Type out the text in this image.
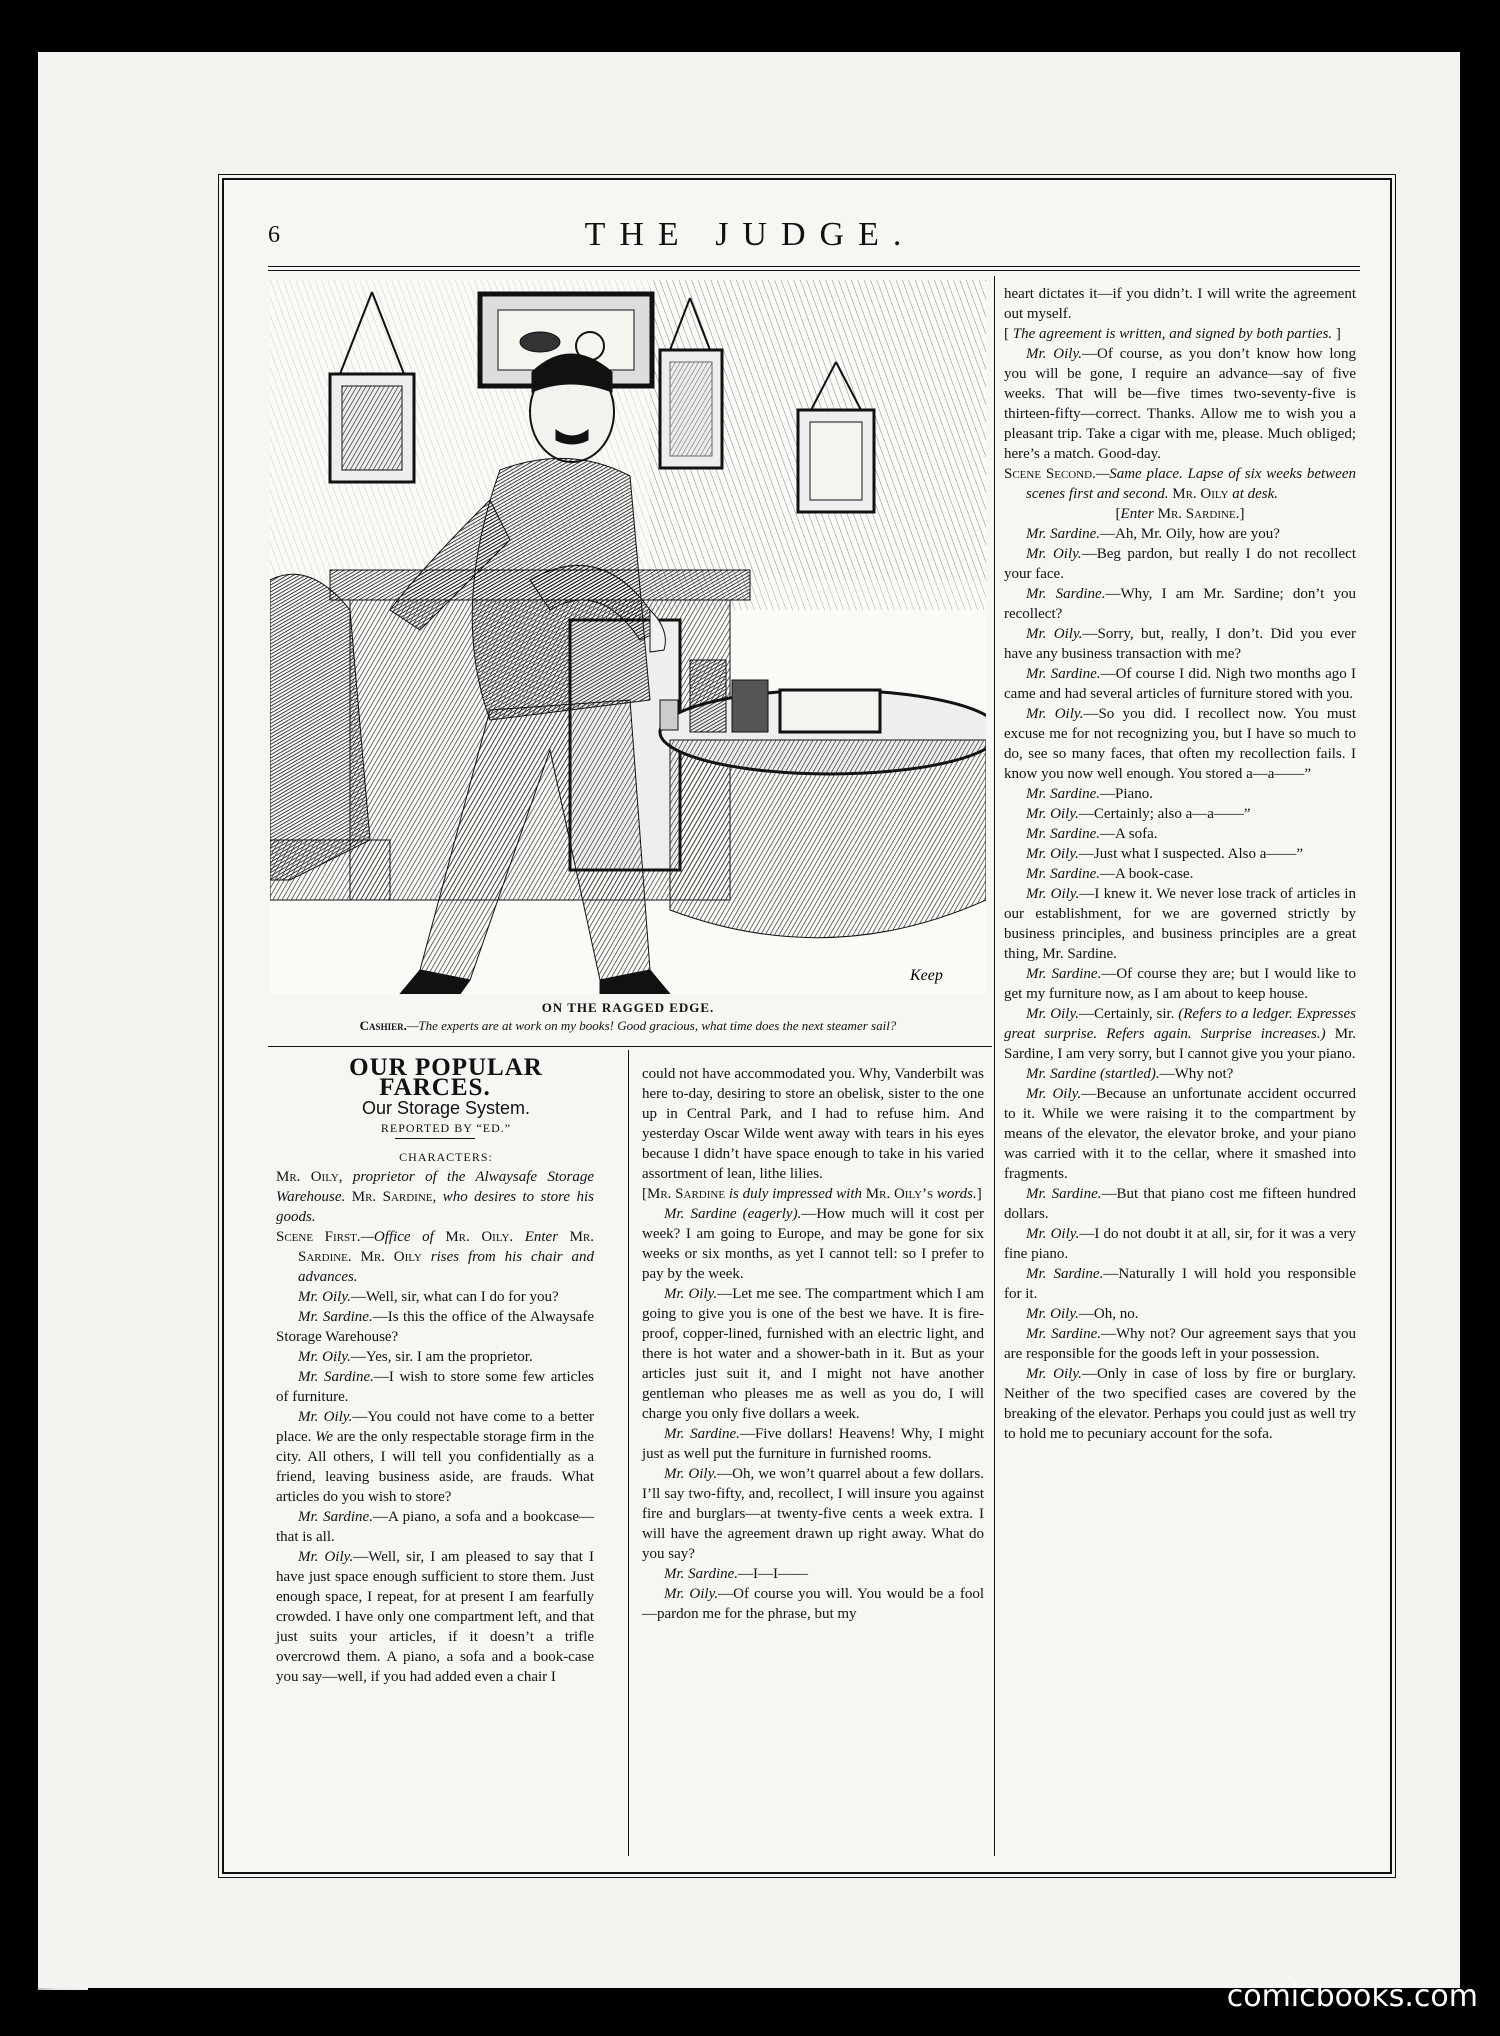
6	THE JUDGE.
Keep
ON THE RAGGED EDGE.
Cashier.—The experts are at work on my books! Good gracious, what time does the next steamer sail?

OUR POPULAR FARCES.

Our Storage System.

REPORTED BY “ED.”

CHARACTERS:

Mr. Oily, proprietor of the Alwaysafe Storage Warehouse. Mr. Sardine, who desires to store his goods.

Scene First.—Office of Mr. Oily. Enter Mr. Sardine. Mr. Oily rises from his chair and advances.

Mr. Oily.—Well, sir, what can I do for you?

Mr. Sardine.—Is this the office of the Alwaysafe Storage Warehouse?

Mr. Oily.—Yes, sir. I am the proprietor.

Mr. Sardine.—I wish to store some few articles of furniture.

Mr. Oily.—You could not have come to a better place. We are the only respectable storage firm in the city. All others, I will tell you confidentially as a friend, leaving business aside, are frauds. What articles do you wish to store?

Mr. Sardine.—A piano, a sofa and a bookcase—that is all.

Mr. Oily.—Well, sir, I am pleased to say that I have just space enough sufficient to store them. Just enough space, I repeat, for at present I am fearfully crowded. I have only one compartment left, and that just suits your articles, if it doesn’t a trifle overcrowd them. A piano, a sofa and a book-case you say—well, if you had added even a chair I

could not have accommodated you. Why, Vanderbilt was here to-day, desiring to store an obelisk, sister to the one up in Central Park, and I had to refuse him. And yesterday Oscar Wilde went away with tears in his eyes because I didn’t have space enough to take in his varied assortment of lean, lithe lilies.

[Mr. Sardine is duly impressed with Mr. Oily’s words.]

Mr. Sardine (eagerly).—How much will it cost per week? I am going to Europe, and may be gone for six weeks or six months, as yet I cannot tell: so I prefer to pay by the week.

Mr. Oily.—Let me see. The compartment which I am going to give you is one of the best we have. It is fire-proof, copper-lined, furnished with an electric light, and there is hot water and a shower-bath in it. But as your articles just suit it, and I might not have another gentleman who pleases me as well as you do, I will charge you only five dollars a week.

Mr. Sardine.—Five dollars! Heavens! Why, I might just as well put the furniture in furnished rooms.

Mr. Oily.—Oh, we won’t quarrel about a few dollars. I’ll say two-fifty, and, recollect, I will insure you against fire and burglars—at twenty-five cents a week extra. I will have the agreement drawn up right away. What do you say?

Mr. Sardine.—I—I——

Mr. Oily.—Of course you will. You would be a fool—pardon me for the phrase, but my

heart dictates it—if you didn’t. I will write the agreement out myself.

[ The agreement is written, and signed by both parties. ]

Mr. Oily.—Of course, as you don’t know how long you will be gone, I require an advance—say of five weeks. That will be—five times two-seventy-five is thirteen-fifty—correct. Thanks. Allow me to wish you a pleasant trip. Take a cigar with me, please. Much obliged; here’s a match. Good-day.

Scene Second.—Same place. Lapse of six weeks between scenes first and second. Mr. Oily at desk.

[Enter Mr. Sardine.]

Mr. Sardine.—Ah, Mr. Oily, how are you?

Mr. Oily.—Beg pardon, but really I do not recollect your face.

Mr. Sardine.—Why, I am Mr. Sardine; don’t you recollect?

Mr. Oily.—Sorry, but, really, I don’t. Did you ever have any business transaction with me?

Mr. Sardine.—Of course I did. Nigh two months ago I came and had several articles of furniture stored with you.

Mr. Oily.—So you did. I recollect now. You must excuse me for not recognizing you, but I have so much to do, see so many faces, that often my recollection fails. I know you now well enough. You stored a—a——”

Mr. Sardine.—Piano.

Mr. Oily.—Certainly; also a—a——”

Mr. Sardine.—A sofa.

Mr. Oily.—Just what I suspected. Also a——”

Mr. Sardine.—A book-case.

Mr. Oily.—I knew it. We never lose track of articles in our establishment, for we are governed strictly by business principles, and business principles are a great thing, Mr. Sardine.

Mr. Sardine.—Of course they are; but I would like to get my furniture now, as I am about to keep house.

Mr. Oily.—Certainly, sir. (Refers to a ledger. Expresses great surprise. Refers again. Surprise increases.) Mr. Sardine, I am very sorry, but I cannot give you your piano.

Mr. Sardine (startled).—Why not?

Mr. Oily.—Because an unfortunate accident occurred to it. While we were raising it to the compartment by means of the elevator, the elevator broke, and your piano was carried with it to the cellar, where it smashed into fragments.

Mr. Sardine.—But that piano cost me fifteen hundred dollars.

Mr. Oily.—I do not doubt it at all, sir, for it was a very fine piano.

Mr. Sardine.—Naturally I will hold you responsible for it.

Mr. Oily.—Oh, no.

Mr. Sardine.—Why not? Our agreement says that you are responsible for the goods left in your possession.

Mr. Oily.—Only in case of loss by fire or burglary. Neither of the two specified cases are covered by the breaking of the elevator. Perhaps you could just as well try to hold me to pecuniary account for the sofa.

comicbooks.com
